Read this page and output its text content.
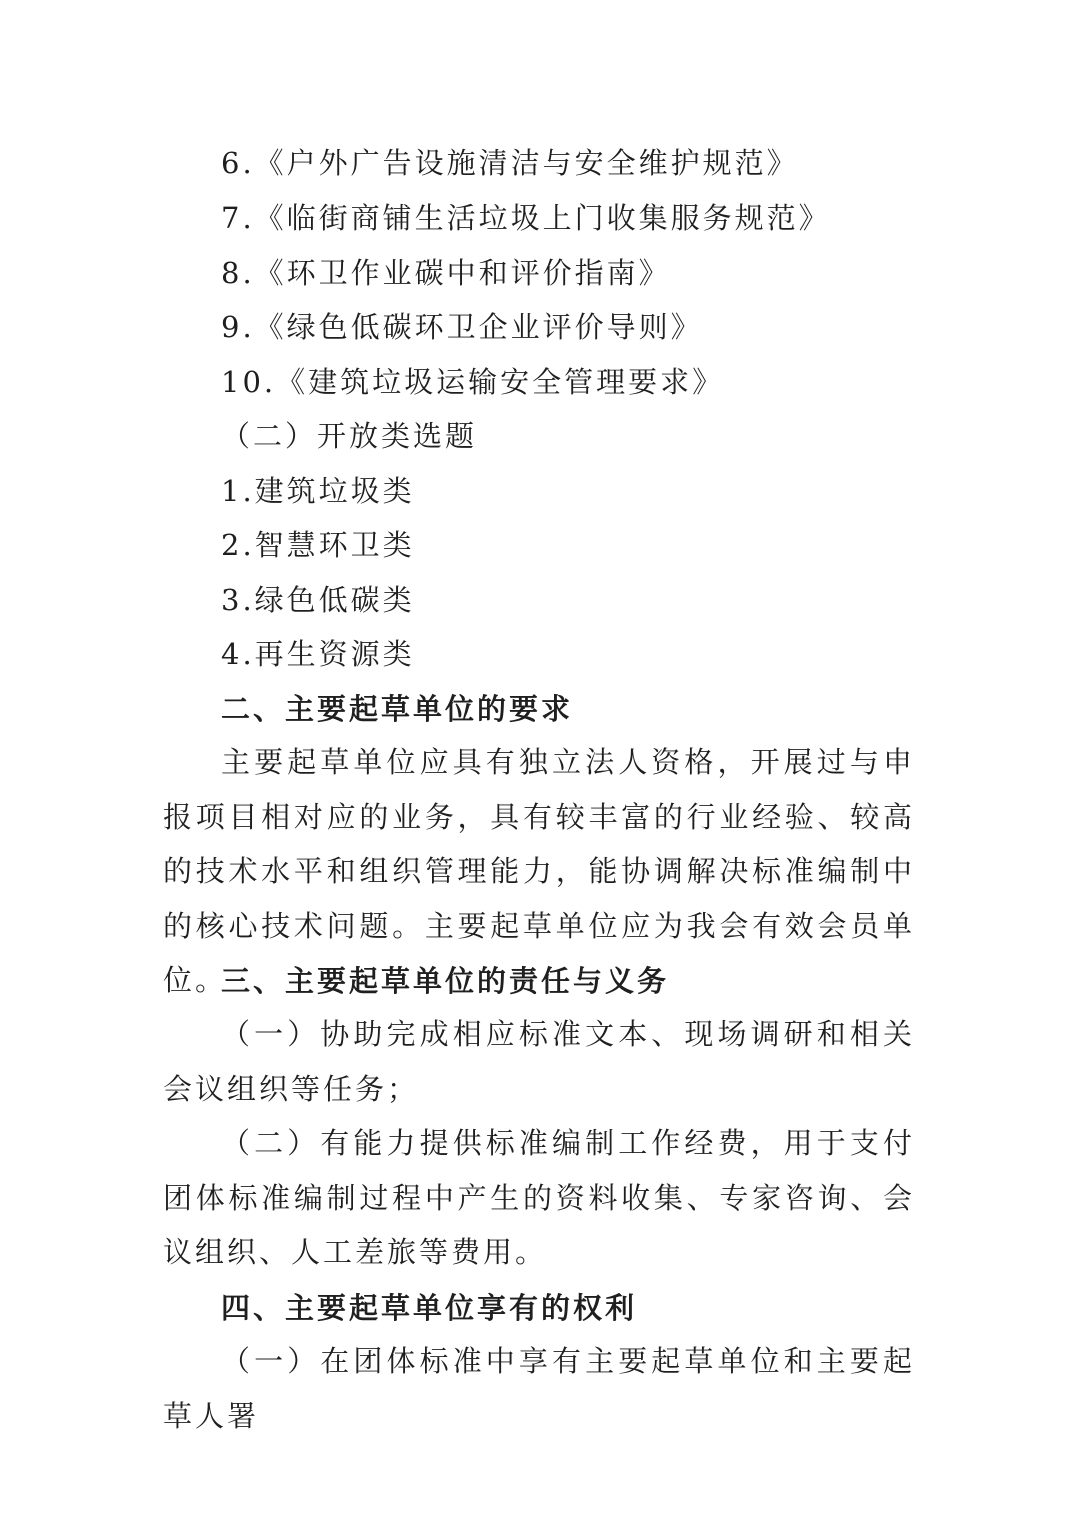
6.《户外广告设施清洁与安全维护规范》
7.《临街商铺生活垃圾上门收集服务规范》
8.《环卫作业碳中和评价指南》
9.《绿色低碳环卫企业评价导则》
10.《建筑垃圾运输安全管理要求》
（二）开放类选题
1.建筑垃圾类
2.智慧环卫类
3.绿色低碳类
4.再生资源类
二、主要起草单位的要求
主要起草单位应具有独立法人资格，开展过与申报项目相对应的业务，具有较丰富的行业经验、较高的技术水平和组织管理能力，能协调解决标准编制中的核心技术问题。主要起草单位应为我会有效会员单位。
三、主要起草单位的责任与义务
（一）协助完成相应标准文本、现场调研和相关会议组织等任务；
（二）有能力提供标准编制工作经费，用于支付团体标准编制过程中产生的资料收集、专家咨询、会议组织、人工差旅等费用。
四、主要起草单位享有的权利
（一）在团体标准中享有主要起草单位和主要起草人署
